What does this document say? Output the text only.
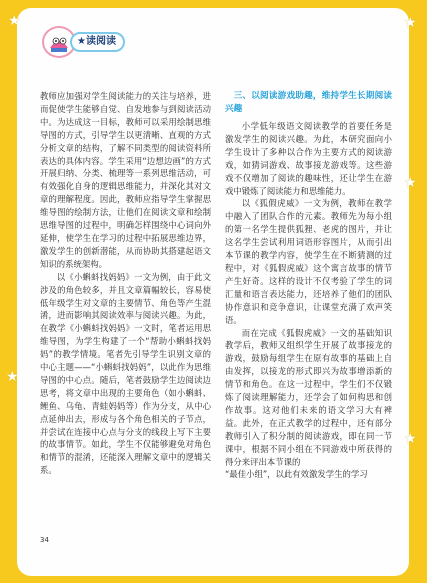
★	★
★
★
★
★读阅读

教师应加强对学生阅读能力的关注与培养，进而促使学生能够自觉、自发地参与到阅读活动中。为达成这一目标，教师可以采用绘制思维导图的方式，引导学生以更清晰、直观的方式分析文章的结构，了解不同类型的阅读资料所表达的具体内容。学生采用“边想边画”的方式开展归纳、分类、梳理等一系列思维活动，可有效强化自身的逻辑思维能力，并深化其对文章的理解程度。因此，教师应指导学生掌握思维导图的绘制方法，让他们在阅读文章和绘制思维导图的过程中，明确怎样围绕中心词向外延伸，使学生在学习的过程中拓展思维边界，激发学生的创新潜能，从而协助其搭建起语文知识的系统架构。

以《小蝌蚪找妈妈》一文为例，由于此文涉及的角色较多，并且文章篇幅较长，容易使低年级学生对文章的主要情节、角色等产生混淆，进而影响其阅读效率与阅读兴趣。为此，在教学《小蝌蚪找妈妈》一文时，笔者运用思维导图，为学生构建了一个“帮助小蝌蚪找妈妈”的教学情境。笔者先引导学生识别文章的中心主题——“小蝌蚪找妈妈”，以此作为思维导图的中心点。随后，笔者鼓励学生边阅读边思考，将文章中出现的主要角色（如小蝌蚪、鲤鱼、乌龟、青蛙妈妈等）作为分支，从中心点延伸出去，形成与各个角色相关的子节点，并尝试在连接中心点与分支的线段上写下主要的故事情节。如此，学生不仅能够避免对角色和情节的混淆，还能深入理解文章中的逻辑关系。

三、以阅读游戏助趣，维持学生长期阅读兴趣

小学低年级语文阅读教学的首要任务是激发学生的阅读兴趣。为此，本研究面向小学生设计了多种以合作为主要方式的阅读游戏，如猜词游戏、故事接龙游戏等。这些游戏不仅增加了阅读的趣味性，还让学生在游戏中锻炼了阅读能力和思维能力。

以《狐假虎威》一文为例，教师在教学中融入了团队合作的元素。教师先为每小组的第一名学生提供狐狸、老虎的图片，并让这名学生尝试利用词语形容图片，从而引出本节课的教学内容，使学生在不断猜测的过程中，对《狐假虎威》这个寓言故事的情节产生好奇。这样的设计不仅考验了学生的词汇量和语言表达能力，还培养了他们的团队协作意识和竞争意识，让课堂充满了欢声笑语。

而在完成《狐假虎威》一文的基础知识教学后，教师又组织学生开展了故事接龙的游戏，鼓励每组学生在原有故事的基础上自由发挥，以接龙的形式即兴为故事增添新的情节和角色。在这一过程中，学生们不仅锻炼了阅读理解能力，还学会了如何构思和创作故事。这对他们未来的语文学习大有裨益。此外，在正式教学的过程中，还有部分教师引入了积分制的阅读游戏，即在同一节课中，根据不同小组在不同游戏中所获得的得分来评出本节课的

“最佳小组”，以此有效激发学生的学习

34
